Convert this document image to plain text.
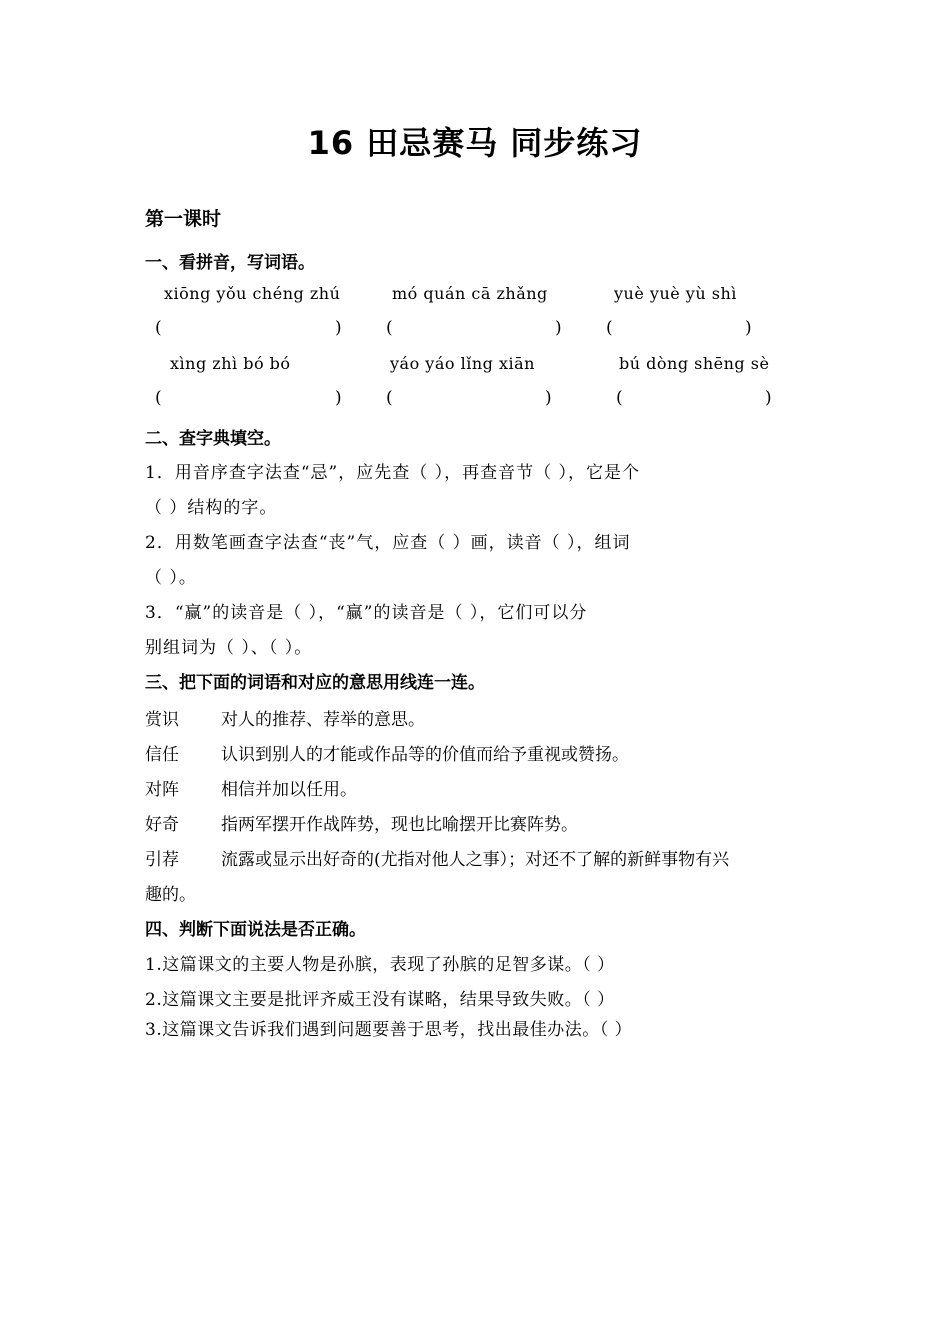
16 田忌赛马 同步练习
第一课时
一、看拼音，写词语。
xiōng yǒu chéng zhú	mó quán cā zhǎng	yuè yuè yù shì
(	)	(	)	(	)
xìng zhì bó bó	yáo yáo lǐng xiān	bú dòng shēng sè
(	)	(	)	(	)
二、查字典填空。
1．用音序查字法查“忌”，应先查（ ），再查音节（ ），它是个
（ ）结构的字。
2．用数笔画查字法查“丧”气，应查（ ）画，读音（ ），组词
（ ）。
3．“赢”的读音是（ ），“赢”的读音是（ ），它们可以分
别组词为（ ）、（ ）。
三、把下面的词语和对应的意思用线连一连。
赏识 对人的推荐、荐举的意思。
信任 认识到别人的才能或作品等的价值而给予重视或赞扬。
对阵 相信并加以任用。
好奇 指两军摆开作战阵势，现也比喻摆开比赛阵势。
引荐 流露或显示出好奇的(尤指对他人之事）；对还不了解的新鲜事物有兴
趣的。
四、判断下面说法是否正确。
1.这篇课文的主要人物是孙膑，表现了孙膑的足智多谋。（ ）
2.这篇课文主要是批评齐威王没有谋略，结果导致失败。（ ）
3.这篇课文告诉我们遇到问题要善于思考，找出最佳办法。（ ）
